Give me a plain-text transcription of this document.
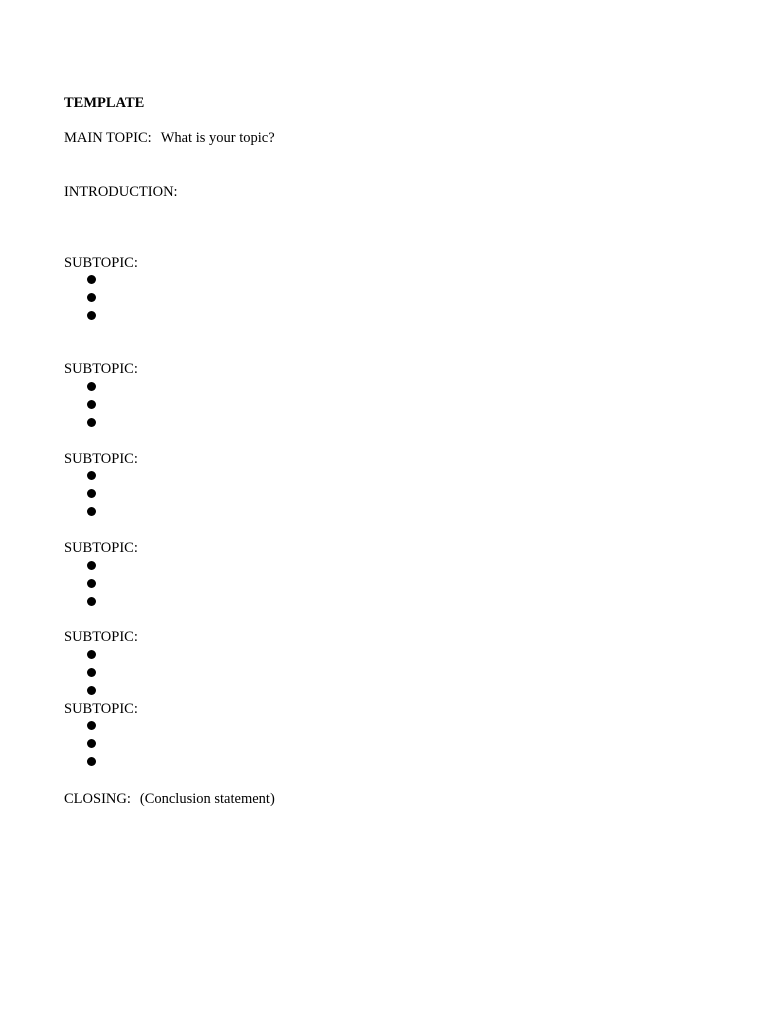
TEMPLATE
MAIN TOPIC: What is your topic?
INTRODUCTION:
SUBTOPIC:
SUBTOPIC:
SUBTOPIC:
SUBTOPIC:
SUBTOPIC:
SUBTOPIC:
CLOSING: (Conclusion statement)
